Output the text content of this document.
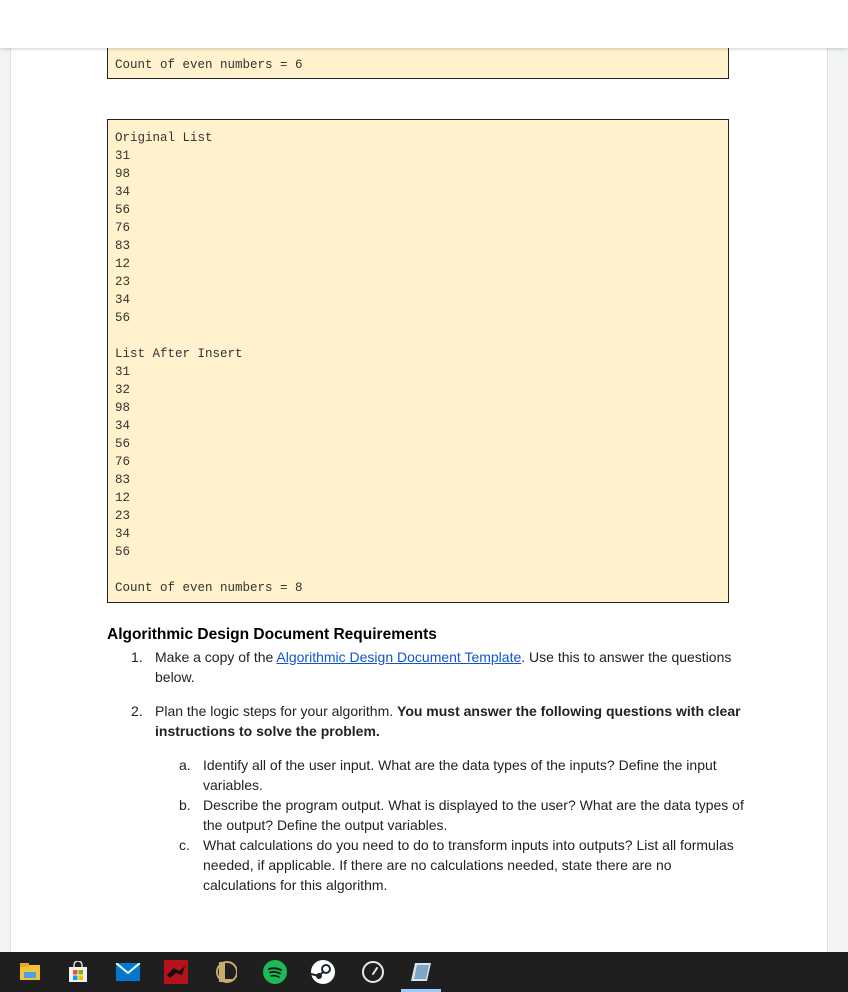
Count of even numbers = 6
Original List
31
98
34
56
76
83
12
23
34
56
List After Insert
31
32
98
34
56
76
83
12
23
34
56
Count of even numbers = 8
Algorithmic Design Document Requirements
1. Make a copy of the Algorithmic Design Document Template. Use this to answer the questions below.
2. Plan the logic steps for your algorithm. You must answer the following questions with clear instructions to solve the problem.
a. Identify all of the user input. What are the data types of the inputs? Define the input variables.
b. Describe the program output. What is displayed to the user? What are the data types of the output? Define the output variables.
c. What calculations do you need to do to transform inputs into outputs? List all formulas needed, if applicable. If there are no calculations needed, state there are no calculations for this algorithm.
